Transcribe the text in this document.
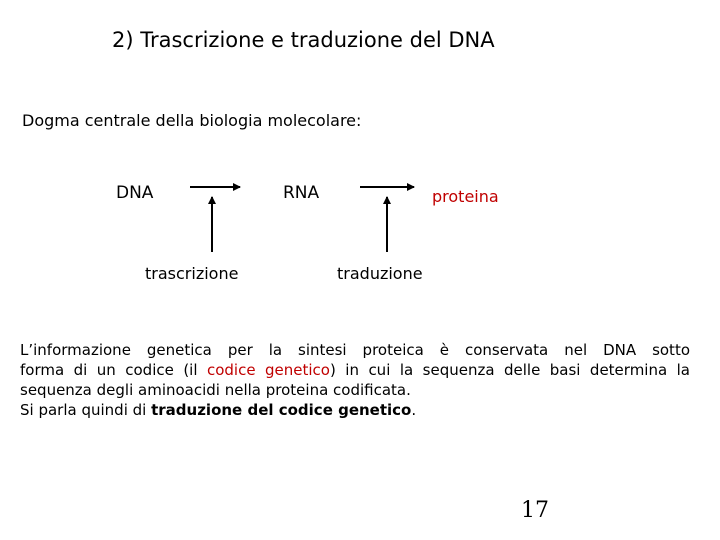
2) Trascrizione e traduzione del DNA
Dogma centrale della biologia molecolare:
DNA	RNA	proteina
trascrizione	traduzione
L’informazione genetica per la sintesi proteica è conservata nel DNA sotto
forma di un codice (il codice genetico) in cui la sequenza delle basi determina la
sequenza degli aminoacidi nella proteina codificata.
Si parla quindi di traduzione del codice genetico.
17
